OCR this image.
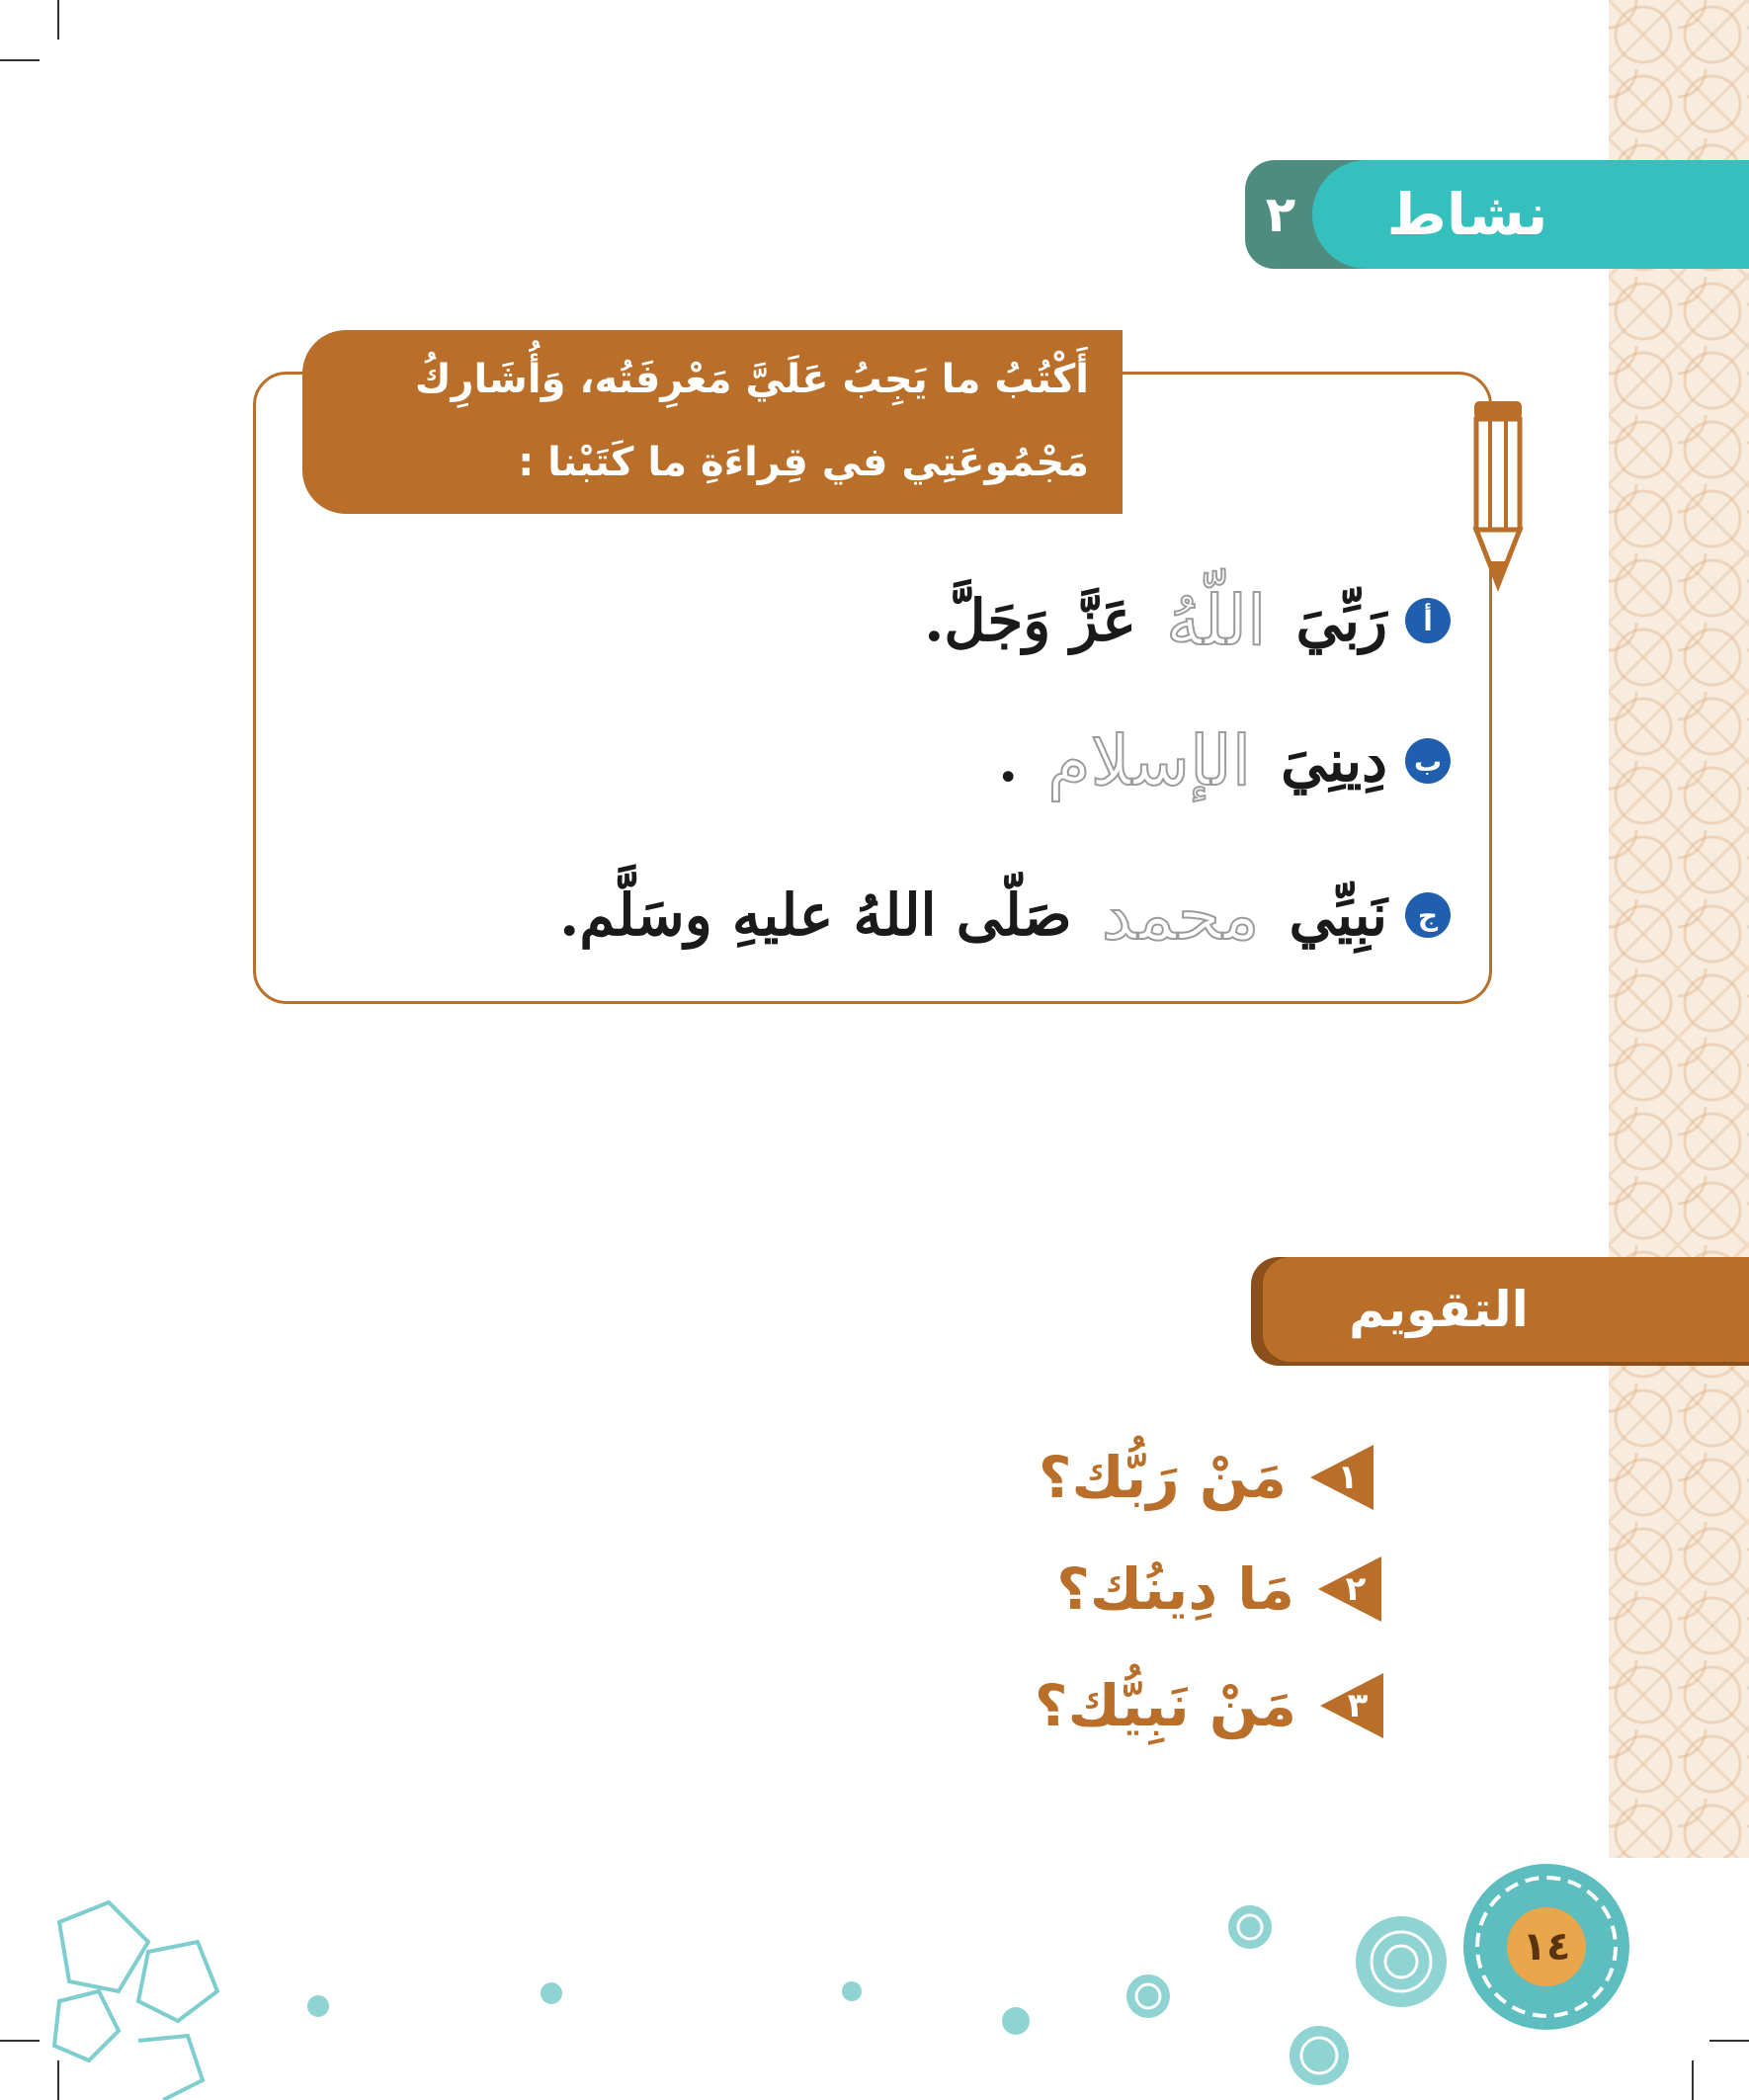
٢	نشاط
أَكْتُبُ ما يَجِبُ عَلَيَّ مَعْرِفَتُه، وَأُشَارِكُ
مَجْمُوعَتِي في قِراءَةِ ما كَتَبْنا :
أ
رَبِّيَ
اللّهُ
عَزَّ وَجَلَّ.
ب
دِينِيَ
الإسلام
.
ج
نَبِيِّي
محمد
صَلّى اللهُ عليهِ وسَلَّم.
التقويم
١
مَنْ رَبُّك؟
٢
مَا دِينُك؟
٣
مَنْ نَبِيُّك؟
١٤
